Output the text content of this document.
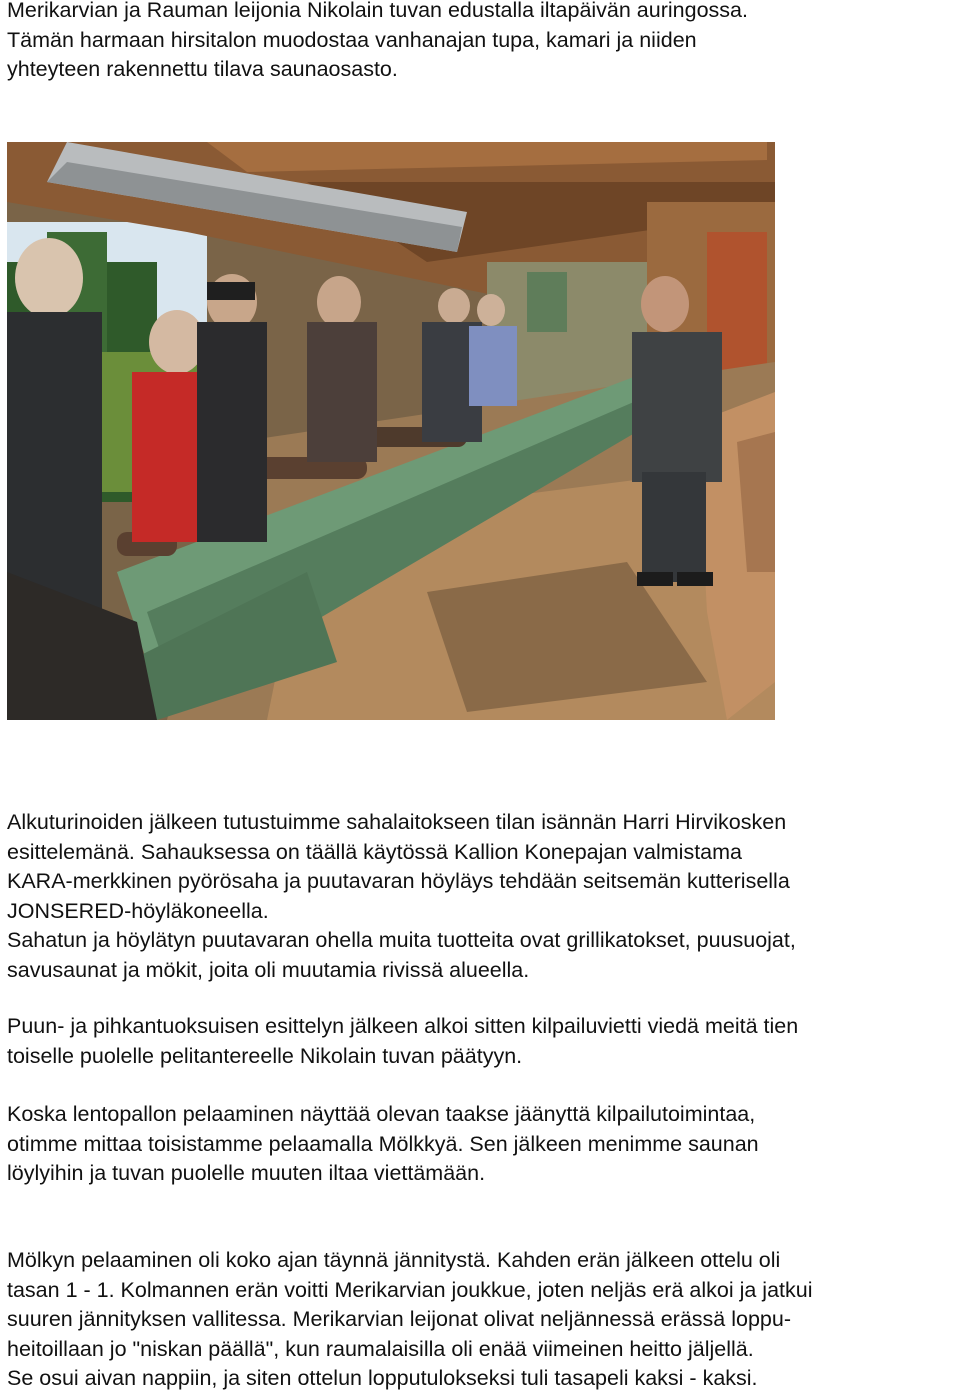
Merikarvian ja Rauman leijonia Nikolain tuvan edustalla iltapäivän auringossa.
Tämän harmaan hirsitalon muodostaa vanhanajan tupa, kamari ja niiden
yhteyteen rakennettu tilava saunaosasto.

Alkuturinoiden jälkeen tutustuimme sahalaitokseen tilan isännän Harri Hirvikosken
esittelemänä. Sahauksessa on täällä käytössä Kallion Konepajan valmistama
KARA-merkkinen pyörösaha ja puutavaran höyläys tehdään seitsemän kutterisella
JONSERED-höyläkoneella.
Sahatun ja höylätyn puutavaran ohella muita tuotteita ovat grillikatokset, puusuojat,
savusaunat ja mökit, joita oli muutamia rivissä alueella.

Puun- ja pihkantuoksuisen esittelyn jälkeen alkoi sitten kilpailuvietti viedä meitä tien
toiselle puolelle pelitantereelle Nikolain tuvan päätyyn.

Koska lentopallon pelaaminen näyttää olevan taakse jäänyttä kilpailutoimintaa,
otimme mittaa toisistamme pelaamalla Mölkkyä. Sen jälkeen menimme saunan
löylyihin ja tuvan puolelle muuten iltaa viettämään.

Mölkyn pelaaminen oli koko ajan täynnä jännitystä. Kahden erän jälkeen ottelu oli
tasan 1 - 1. Kolmannen erän voitti Merikarvian joukkue, joten neljäs erä alkoi ja jatkui
suuren jännityksen vallitessa. Merikarvian leijonat olivat neljännessä erässä loppu-
heitoillaan jo "niskan päällä", kun raumalaisilla oli enää viimeinen heitto jäljellä.
Se osui aivan nappiin, ja siten ottelun lopputulokseksi tuli tasapeli kaksi - kaksi.
